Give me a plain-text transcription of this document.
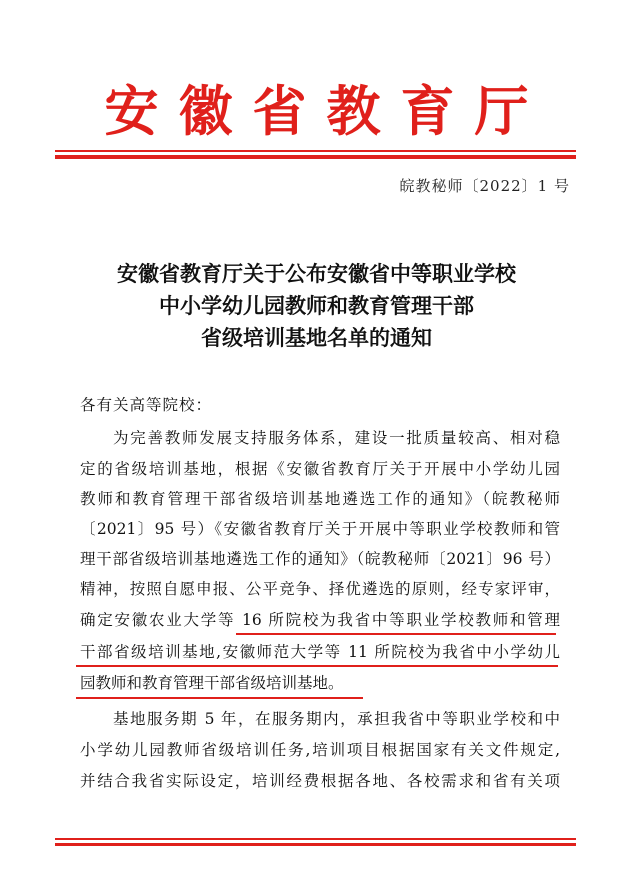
安徽省教育厅
皖教秘师〔2022〕1 号
安徽省教育厅关于公布安徽省中等职业学校
中小学幼儿园教师和教育管理干部
省级培训基地名单的通知
各有关高等院校：
为完善教师发展支持服务体系，建设一批质量较高、相对稳
定的省级培训基地，根据《安徽省教育厅关于开展中小学幼儿园
教师和教育管理干部省级培训基地遴选工作的通知》（皖教秘师
〔2021〕95 号）《安徽省教育厅关于开展中等职业学校教师和管
理干部省级培训基地遴选工作的通知》（皖教秘师〔2021〕96 号）
精神，按照自愿申报、公平竞争、择优遴选的原则，经专家评审，
确定安徽农业大学等 16 所院校为我省中等职业学校教师和管理
干部省级培训基地,安徽师范大学等 11 所院校为我省中小学幼儿
园教师和教育管理干部省级培训基地。
基地服务期 5 年，在服务期内，承担我省中等职业学校和中
小学幼儿园教师省级培训任务,培训项目根据国家有关文件规定,
并结合我省实际设定，培训经费根据各地、各校需求和省有关项
